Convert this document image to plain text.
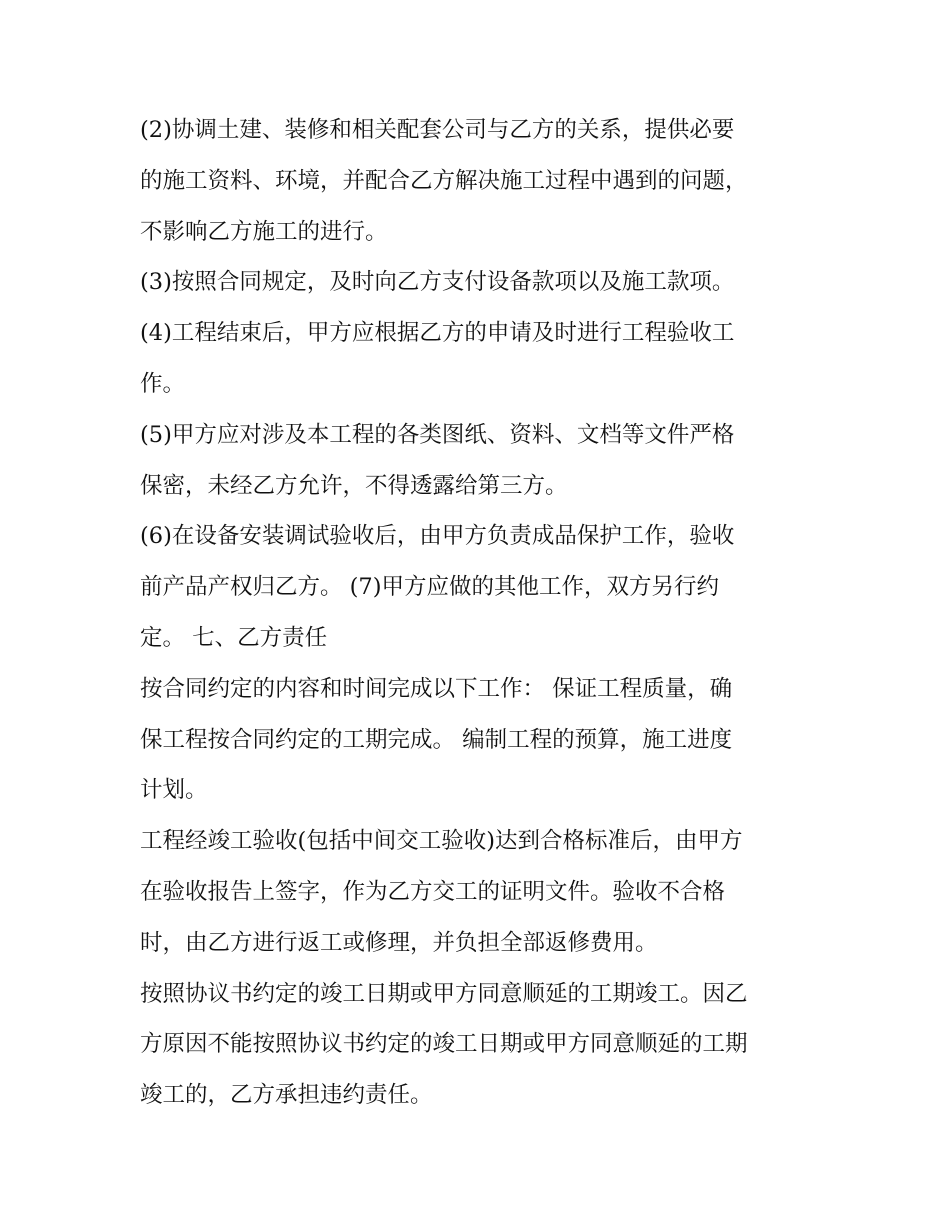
(2)协调土建、装修和相关配套公司与乙方的关系，提供必要
的施工资料、环境，并配合乙方解决施工过程中遇到的问题，
不影响乙方施工的进行。
(3)按照合同规定，及时向乙方支付设备款项以及施工款项。
(4)工程结束后，甲方应根据乙方的申请及时进行工程验收工
作。
(5)甲方应对涉及本工程的各类图纸、资料、文档等文件严格
保密，未经乙方允许，不得透露给第三方。
(6)在设备安装调试验收后，由甲方负责成品保护工作，验收
前产品产权归乙方。 (7)甲方应做的其他工作，双方另行约
定。 七、乙方责任
按合同约定的内容和时间完成以下工作： 保证工程质量，确
保工程按合同约定的工期完成。 编制工程的预算，施工进度
计划。
工程经竣工验收(包括中间交工验收)达到合格标准后，由甲方
在验收报告上签字，作为乙方交工的证明文件。验收不合格
时，由乙方进行返工或修理，并负担全部返修费用。
按照协议书约定的竣工日期或甲方同意顺延的工期竣工。因乙
方原因不能按照协议书约定的竣工日期或甲方同意顺延的工期
竣工的，乙方承担违约责任。
